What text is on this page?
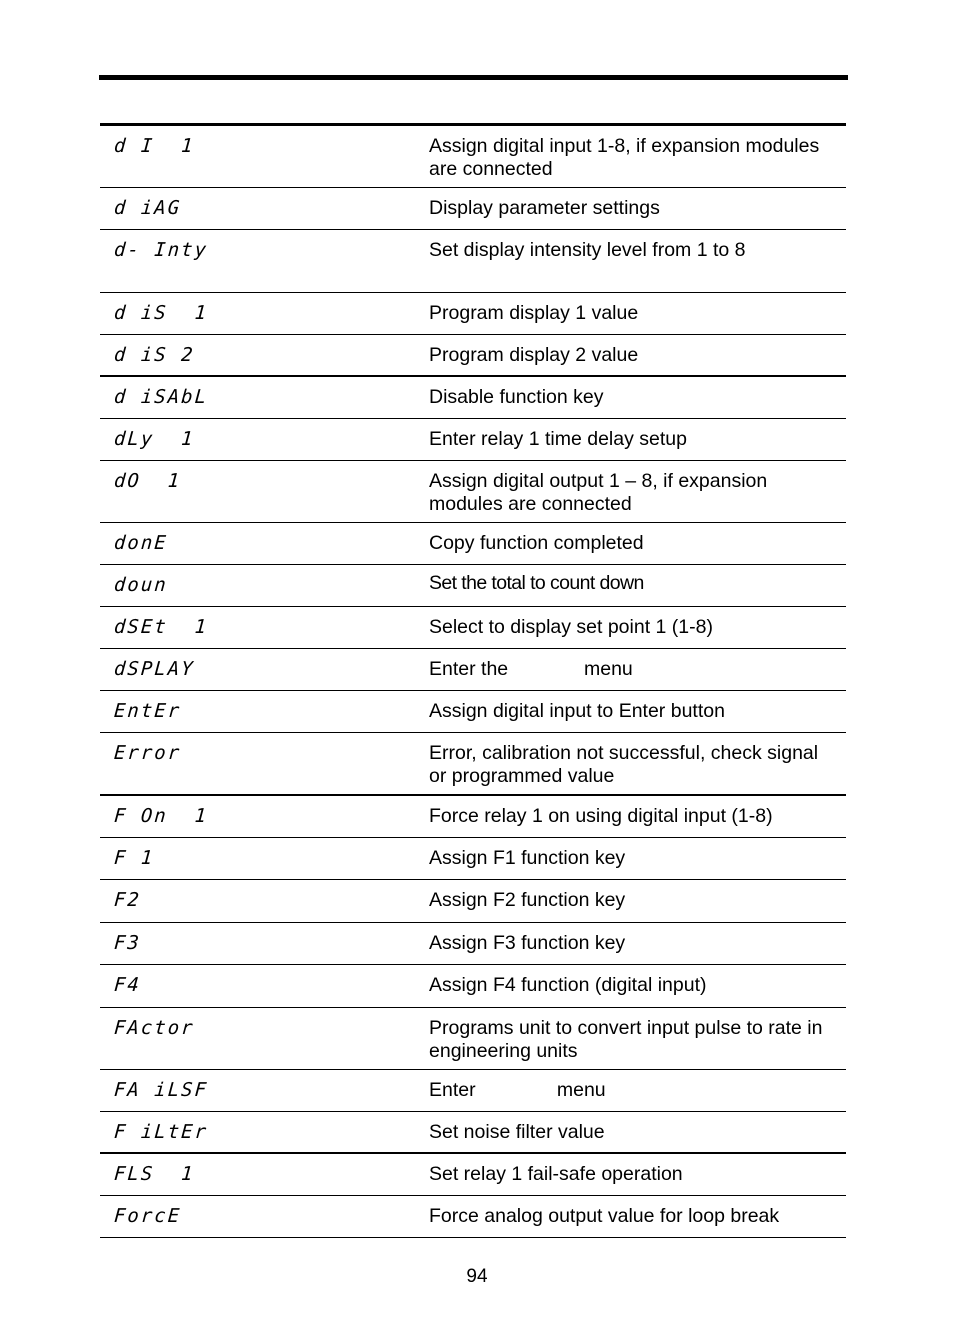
d I  1	Assign digital input 1-8, if expansion modules are connected
d iAG	Display parameter settings
d- Inty	Set display intensity level from 1 to 8
d iS  1	Program display 1 value
d iS 2	Program display 2 value
d iSAbL	Disable function key
dLy  1	Enter relay 1 time delay setup
dO  1	Assign digital output 1 – 8, if expansion modules are connected
donE	Copy function completed
doun	Set the total to count down
dSEt  1	Select to display set point 1 (1-8)
dSPLAY	Enter the              menu
EntEr	Assign digital input to Enter button
Error	Error, calibration not successful, check signal or programmed value
F On  1	Force relay 1 on using digital input (1-8)
F 1	Assign F1 function key
F2	Assign F2 function key
F3	Assign F3 function key
F4	Assign F4 function (digital input)
FActor	Programs unit to convert input pulse to rate in engineering units
FA iLSF	Enter               menu
F iLtEr	Set noise filter value
FLS  1	Set relay 1 fail-safe operation
ForcE	Force analog output value for loop break
94
